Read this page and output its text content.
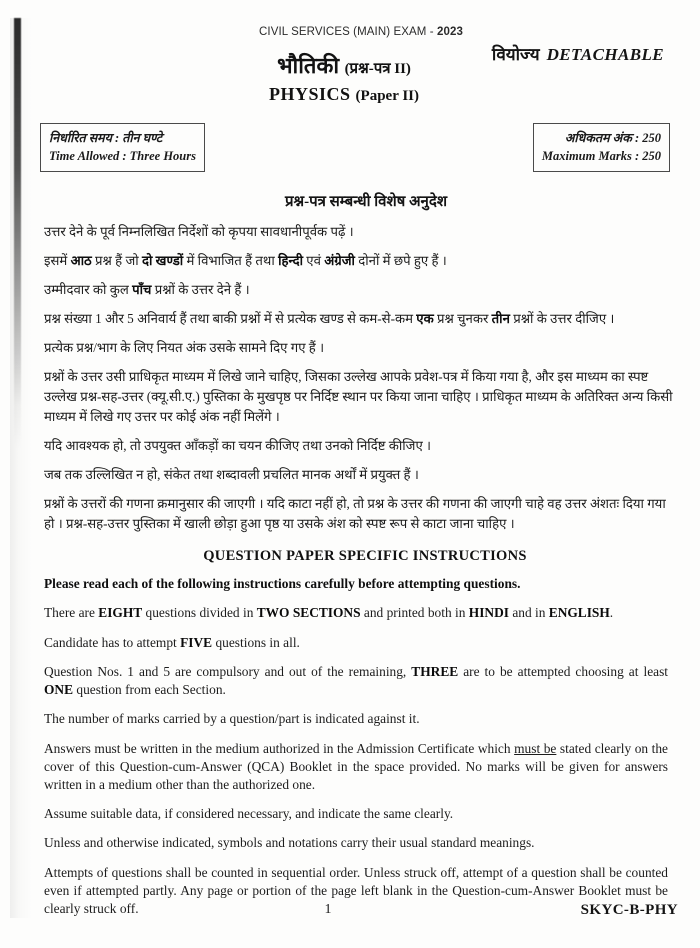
CIVIL SERVICES (MAIN) EXAM - 2023
वियोज्य DETACHABLE
भौतिकी (प्रश्न-पत्र II)
PHYSICS (Paper II)
निर्धारित समय : तीन घण्टे
Time Allowed : Three Hours
अधिकतम अंक : 250
Maximum Marks : 250
प्रश्न-पत्र सम्बन्धी विशेष अनुदेश

उत्तर देने के पूर्व निम्नलिखित निर्देशों को कृपया सावधानीपूर्वक पढ़ें ।

इसमें आठ प्रश्न हैं जो दो खण्डों में विभाजित हैं तथा हिन्दी एवं अंग्रेजी दोनों में छपे हुए हैं ।

उम्मीदवार को कुल पाँच प्रश्नों के उत्तर देने हैं ।

प्रश्न संख्या 1 और 5 अनिवार्य हैं तथा बाकी प्रश्नों में से प्रत्येक खण्ड से कम-से-कम एक प्रश्न चुनकर तीन प्रश्नों के उत्तर दीजिए ।

प्रत्येक प्रश्न/भाग के लिए नियत अंक उसके सामने दिए गए हैं ।

प्रश्नों के उत्तर उसी प्राधिकृत माध्यम में लिखे जाने चाहिए, जिसका उल्लेख आपके प्रवेश-पत्र में किया गया है, और इस माध्यम का स्पष्ट उल्लेख प्रश्न-सह-उत्तर (क्यू.सी.ए.) पुस्तिका के मुखपृष्ठ पर निर्दिष्ट स्थान पर किया जाना चाहिए । प्राधिकृत माध्यम के अतिरिक्त अन्य किसी माध्यम में लिखे गए उत्तर पर कोई अंक नहीं मिलेंगे ।

यदि आवश्यक हो, तो उपयुक्त आँकड़ों का चयन कीजिए तथा उनको निर्दिष्ट कीजिए ।

जब तक उल्लिखित न हो, संकेत तथा शब्दावली प्रचलित मानक अर्थों में प्रयुक्त हैं ।

प्रश्नों के उत्तरों की गणना क्रमानुसार की जाएगी । यदि काटा नहीं हो, तो प्रश्न के उत्तर की गणना की जाएगी चाहे वह उत्तर अंशतः दिया गया हो । प्रश्न-सह-उत्तर पुस्तिका में खाली छोड़ा हुआ पृष्ठ या उसके अंश को स्पष्ट रूप से काटा जाना चाहिए ।

QUESTION PAPER SPECIFIC INSTRUCTIONS

Please read each of the following instructions carefully before attempting questions.

There are EIGHT questions divided in TWO SECTIONS and printed both in HINDI and in ENGLISH.

Candidate has to attempt FIVE questions in all.

Question Nos. 1 and 5 are compulsory and out of the remaining, THREE are to be attempted choosing at least ONE question from each Section.

The number of marks carried by a question/part is indicated against it.

Answers must be written in the medium authorized in the Admission Certificate which must be stated clearly on the cover of this Question-cum-Answer (QCA) Booklet in the space provided. No marks will be given for answers written in a medium other than the authorized one.

Assume suitable data, if considered necessary, and indicate the same clearly.

Unless and otherwise indicated, symbols and notations carry their usual standard meanings.

Attempts of questions shall be counted in sequential order. Unless struck off, attempt of a question shall be counted even if attempted partly. Any page or portion of the page left blank in the Question-cum-Answer Booklet must be clearly struck off.	1	SKYC-B-PHY
